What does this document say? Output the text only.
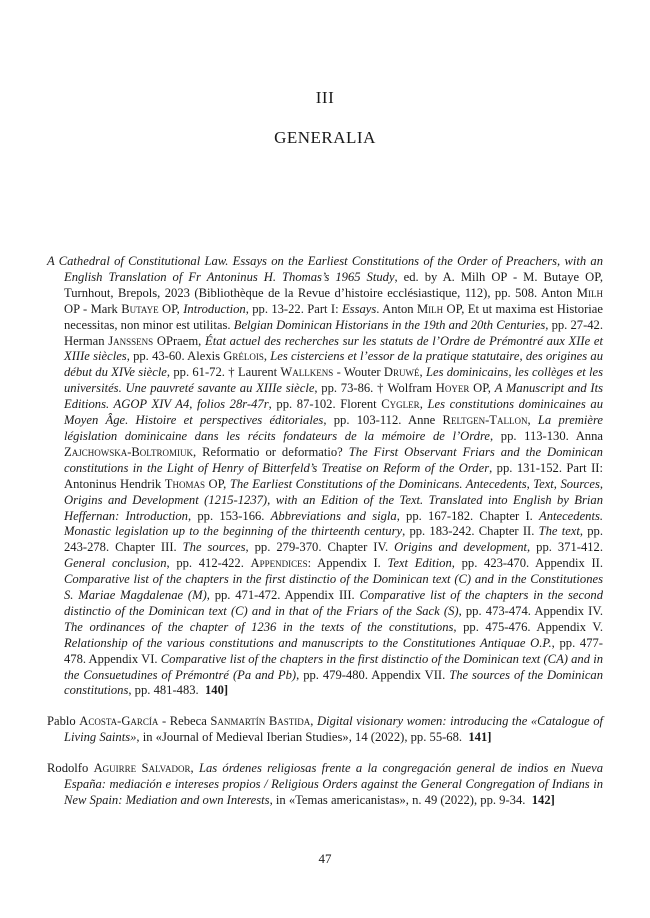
III
GENERALIA

A Cathedral of Constitutional Law. Essays on the Earliest Constitutions of the Order of Preachers, with an English Translation of Fr Antoninus H. Thomas’s 1965 Study, ed. by A. Milh OP - M. Butaye OP, Turnhout, Brepols, 2023 (Bibliothèque de la Revue d’histoire ecclésiastique, 112), pp. 508. Anton Milh OP - Mark Butaye OP, Introduction, pp. 13-22. Part I: Essays. Anton Milh OP, Et ut maxima est Historiae necessitas, non minor est utilitas. Belgian Dominican Historians in the 19th and 20th Centuries, pp. 27-42. Herman Janssens OPraem, État actuel des recherches sur les statuts de l’Ordre de Prémontré aux XIIe et XIIIe siècles, pp. 43-60. Alexis Grélois, Les cisterciens et l’essor de la pratique statutaire, des origines au début du XIVe siècle, pp. 61-72. † Laurent Wallkens - Wouter Druwé, Les dominicains, les collèges et les universités. Une pauvreté savante au XIIIe siècle, pp. 73-86. † Wolfram Hoyer OP, A Manuscript and Its Editions. AGOP XIV A4, folios 28r-47r, pp. 87-102. Florent Cygler, Les constitutions dominicaines au Moyen Âge. Histoire et perspectives éditoriales, pp. 103-112. Anne Reltgen-Tallon, La première législation dominicaine dans les récits fondateurs de la mémoire de l’Ordre, pp. 113-130. Anna Zajchowska-Boltromiuk, Reformatio or deformatio? The First Observant Friars and the Dominican constitutions in the Light of Henry of Bitterfeld’s Treatise on Reform of the Order, pp. 131-152. Part II: Antoninus Hendrik Thomas OP, The Earliest Constitutions of the Dominicans. Antecedents, Text, Sources, Origins and Development (1215-1237), with an Edition of the Text. Translated into English by Brian Heffernan: Introduction, pp. 153-166. Abbreviations and sigla, pp. 167-182. Chapter I. Antecedents. Monastic legislation up to the beginning of the thirteenth century, pp. 183-242. Chapter II. The text, pp. 243-278. Chapter III. The sources, pp. 279-370. Chapter IV. Origins and development, pp. 371-412. General conclusion, pp. 412-422. Appendices: Appendix I. Text Edition, pp. 423-470. Appendix II. Comparative list of the chapters in the first distinctio of the Dominican text (C) and in the Constitutiones S. Mariae Magdalenae (M), pp. 471-472. Appendix III. Comparative list of the chapters in the second distinctio of the Dominican text (C) and in that of the Friars of the Sack (S), pp. 473-474. Appendix IV. The ordinances of the chapter of 1236 in the texts of the constitutions, pp. 475-476. Appendix V. Relationship of the various constitutions and manuscripts to the Constitutiones Antiquae O.P., pp. 477-478. Appendix VI. Comparative list of the chapters in the first distinctio of the Dominican text (CA) and in the Consuetudines of Prémontré (Pa and Pb), pp. 479-480. Appendix VII. The sources of the Dominican constitutions, pp. 481-483.  140]

Pablo Acosta-García - Rebeca Sanmartín Bastida, Digital visionary women: introducing the «Catalogue of Living Saints», in «Journal of Medieval Iberian Studies», 14 (2022), pp. 55-68.  141]

Rodolfo Aguirre Salvador, Las órdenes religiosas frente a la congregación general de indios en Nueva España: mediación e intereses propios / Religious Orders against the General Congregation of Indians in New Spain: Mediation and own Interests, in «Temas americanistas», n. 49 (2022), pp. 9-34.  142]

47
